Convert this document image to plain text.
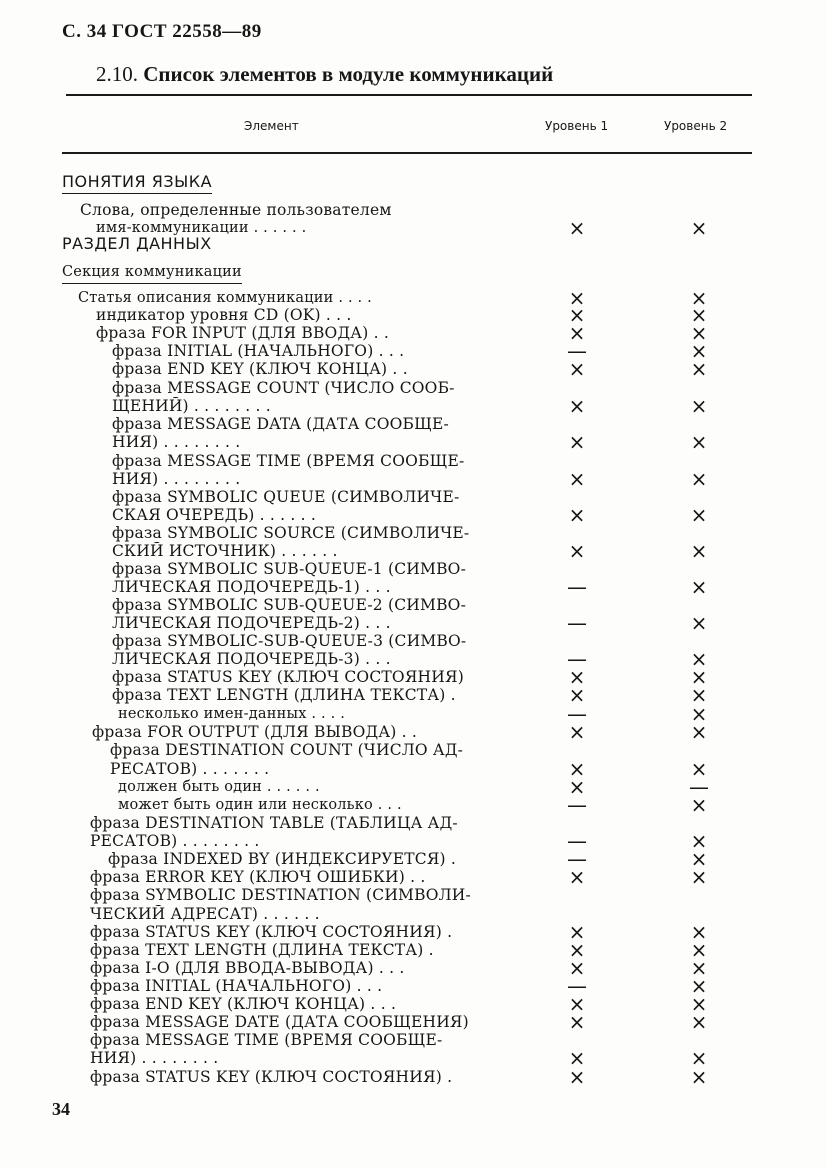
С. 34 ГОСТ 22558—89
2.10. Список элементов в модуле коммуникаций
Элемент	Уровень 1	Уровень 2
ПОНЯТИЯ ЯЗЫКА
Слова, определенные пользователем
имя-коммуникации . . . . . .	×	×
РАЗДЕЛ ДАННЫХ
Секция коммуникации
Статья описания коммуникации . . . .	×	×
индикатор уровня CD (OK) . . .	×	×
фраза FOR INPUT (ДЛЯ ВВОДА) . .	×	×
фраза INITIAL (НАЧАЛЬНОГО) . . .	—	×
фраза END KEY (КЛЮЧ КОНЦА) . .	×	×
фраза MESSAGE COUNT (ЧИСЛО СООБ-
ЩЕНИЙ) . . . . . . . .	×	×
фраза MESSAGE DATA (ДАТА СООБЩЕ-
НИЯ) . . . . . . . .	×	×
фраза MESSAGE TIME (ВРЕМЯ СООБЩЕ-
НИЯ) . . . . . . . .	×	×
фраза SYMBOLIC QUEUE (СИМВОЛИЧЕ-
СКАЯ ОЧЕРЕДЬ) . . . . . .	×	×
фраза SYMBOLIC SOURCE (СИМВОЛИЧЕ-
СКИЙ ИСТОЧНИК) . . . . . .	×	×
фраза SYMBOLIC SUB-QUEUE-1 (СИМВО-
ЛИЧЕСКАЯ ПОДОЧЕРЕДЬ-1) . . .	—	×
фраза SYMBOLIC SUB-QUEUE-2 (СИМВО-
ЛИЧЕСКАЯ ПОДОЧЕРЕДЬ-2) . . .	—	×
фраза SYMBOLIC-SUB-QUEUE-3 (СИМВО-
ЛИЧЕСКАЯ ПОДОЧЕРЕДЬ-3) . . .	—	×
фраза STATUS KEY (КЛЮЧ СОСТОЯНИЯ)	×	×
фраза TEXT LENGTH (ДЛИНА ТЕКСТА) .	×	×
несколько имен-данных . . . .	—	×
фраза FOR OUTPUT (ДЛЯ ВЫВОДА) . .	×	×
фраза DESTINATION COUNT (ЧИСЛО АД-
РЕСАТОВ) . . . . . . .	×	×
должен быть один . . . . . .	×	—
может быть один или несколько . . .	—	×
фраза DESTINATION TABLE (ТАБЛИЦА АД-
РЕСАТОВ) . . . . . . . .	—	×
фраза INDEXED BY (ИНДЕКСИРУЕТСЯ) .	—	×
фраза ERROR KEY (КЛЮЧ ОШИБКИ) . .	×	×
фраза SYMBOLIC DESTINATION (СИМВОЛИ-
ЧЕСКИЙ АДРЕСАТ) . . . . . .
фраза STATUS KEY (КЛЮЧ СОСТОЯНИЯ) .	×	×
фраза TEXT LENGTH (ДЛИНА ТЕКСТА) .	×	×
фраза I-O (ДЛЯ ВВОДА-ВЫВОДА) . . .	×	×
фраза INITIAL (НАЧАЛЬНОГО) . . .	—	×
фраза END KEY (КЛЮЧ КОНЦА) . . .	×	×
фраза MESSAGE DATE (ДАТА СООБЩЕНИЯ)	×	×
фраза MESSAGE TIME (ВРЕМЯ СООБЩЕ-
НИЯ) . . . . . . . .	×	×
фраза STATUS KEY (КЛЮЧ СОСТОЯНИЯ) .	×	×
34
